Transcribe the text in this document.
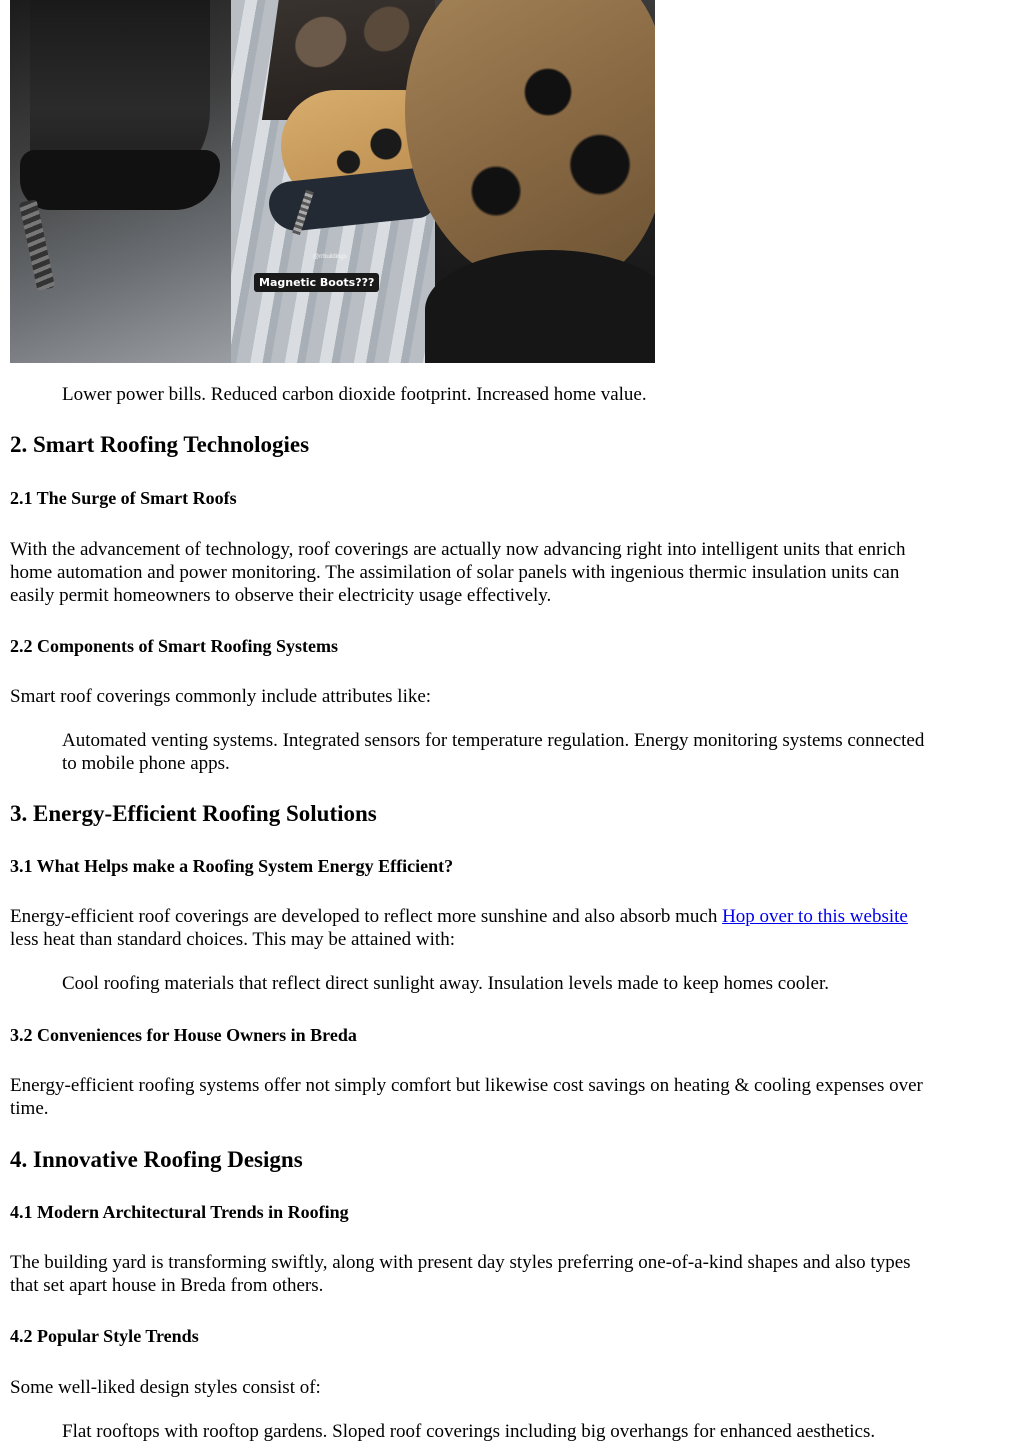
@rrbuildings
Magnetic Boots???
Lower power bills. Reduced carbon dioxide footprint. Increased home value.
2. Smart Roofing Technologies
2.1 The Surge of Smart Roofs
With the advancement of technology, roof coverings are actually now advancing right into intelligent units that enrich
home automation and power monitoring. The assimilation of solar panels with ingenious thermic insulation units can
easily permit homeowners to observe their electricity usage effectively.
2.2 Components of Smart Roofing Systems
Smart roof coverings commonly include attributes like:
Automated venting systems. Integrated sensors for temperature regulation. Energy monitoring systems connected
to mobile phone apps.
3. Energy-Efficient Roofing Solutions
3.1 What Helps make a Roofing System Energy Efficient?
Energy-efficient roof coverings are developed to reflect more sunshine and also absorb much Hop over to this website
less heat than standard choices. This may be attained with:
Cool roofing materials that reflect direct sunlight away. Insulation levels made to keep homes cooler.
3.2 Conveniences for House Owners in Breda
Energy-efficient roofing systems offer not simply comfort but likewise cost savings on heating & cooling expenses over
time.
4. Innovative Roofing Designs
4.1 Modern Architectural Trends in Roofing
The building yard is transforming swiftly, along with present day styles preferring one-of-a-kind shapes and also types
that set apart house in Breda from others.
4.2 Popular Style Trends
Some well-liked design styles consist of:
Flat rooftops with rooftop gardens. Sloped roof coverings including big overhangs for enhanced aesthetics.
